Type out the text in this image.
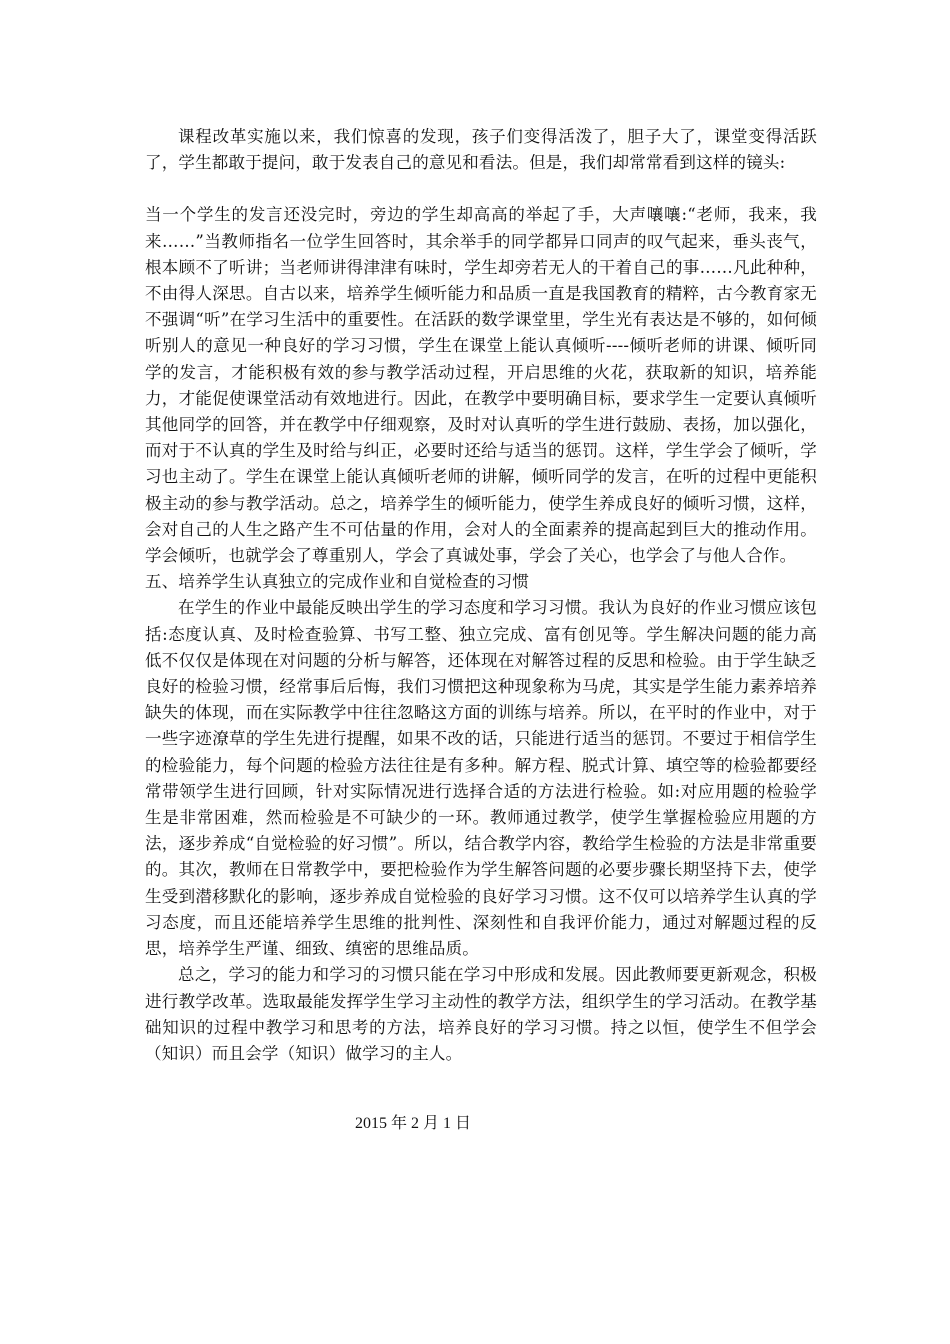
课程改革实施以来，我们惊喜的发现，孩子们变得活泼了，胆子大了，课堂变得活跃了，学生都敢于提问，敢于发表自己的意见和看法。但是，我们却常常看到这样的镜头:

当一个学生的发言还没完时，旁边的学生却高高的举起了手，大声嚷嚷:“老师，我来，我来……”当教师指名一位学生回答时，其余举手的同学都异口同声的叹气起来，垂头丧气，根本顾不了听讲；当老师讲得津津有味时，学生却旁若无人的干着自己的事……凡此种种，不由得人深思。自古以来，培养学生倾听能力和品质一直是我国教育的精粹，古今教育家无不强调“听”在学习生活中的重要性。在活跃的数学课堂里，学生光有表达是不够的，如何倾听别人的意见一种良好的学习习惯，学生在课堂上能认真倾听----倾听老师的讲课、倾听同学的发言，才能积极有效的参与教学活动过程，开启思维的火花，获取新的知识，培养能力，才能促使课堂活动有效地进行。因此，在教学中要明确目标，要求学生一定要认真倾听其他同学的回答，并在教学中仔细观察，及时对认真听的学生进行鼓励、表扬，加以强化，而对于不认真的学生及时给与纠正，必要时还给与适当的惩罚。这样，学生学会了倾听，学习也主动了。学生在课堂上能认真倾听老师的讲解，倾听同学的发言，在听的过程中更能积极主动的参与教学活动。总之，培养学生的倾听能力，使学生养成良好的倾听习惯，这样，会对自己的人生之路产生不可估量的作用，会对人的全面素养的提高起到巨大的推动作用。学会倾听，也就学会了尊重别人，学会了真诚处事，学会了关心，也学会了与他人合作。

五、培养学生认真独立的完成作业和自觉检查的习惯

在学生的作业中最能反映出学生的学习态度和学习习惯。我认为良好的作业习惯应该包括:态度认真、及时检查验算、书写工整、独立完成、富有创见等。学生解决问题的能力高低不仅仅是体现在对问题的分析与解答，还体现在对解答过程的反思和检验。由于学生缺乏良好的检验习惯，经常事后后悔，我们习惯把这种现象称为马虎，其实是学生能力素养培养缺失的体现，而在实际教学中往往忽略这方面的训练与培养。所以，在平时的作业中，对于一些字迹潦草的学生先进行提醒，如果不改的话，只能进行适当的惩罚。不要过于相信学生的检验能力，每个问题的检验方法往往是有多种。解方程、脱式计算、填空等的检验都要经常带领学生进行回顾，针对实际情况进行选择合适的方法进行检验。如:对应用题的检验学生是非常困难，然而检验是不可缺少的一环。教师通过教学，使学生掌握检验应用题的方法，逐步养成“自觉检验的好习惯”。所以，结合教学内容，教给学生检验的方法是非常重要的。其次，教师在日常教学中，要把检验作为学生解答问题的必要步骤长期坚持下去，使学生受到潜移默化的影响，逐步养成自觉检验的良好学习习惯。这不仅可以培养学生认真的学习态度，而且还能培养学生思维的批判性、深刻性和自我评价能力，通过对解题过程的反思，培养学生严谨、细致、缜密的思维品质。

总之，学习的能力和学习的习惯只能在学习中形成和发展。因此教师要更新观念，积极进行教学改革。选取最能发挥学生学习主动性的教学方法，组织学生的学习活动。在教学基础知识的过程中教学习和思考的方法，培养良好的学习习惯。持之以恒，使学生不但学会（知识）而且会学（知识）做学习的主人。

2015 年 2 月 1 日
